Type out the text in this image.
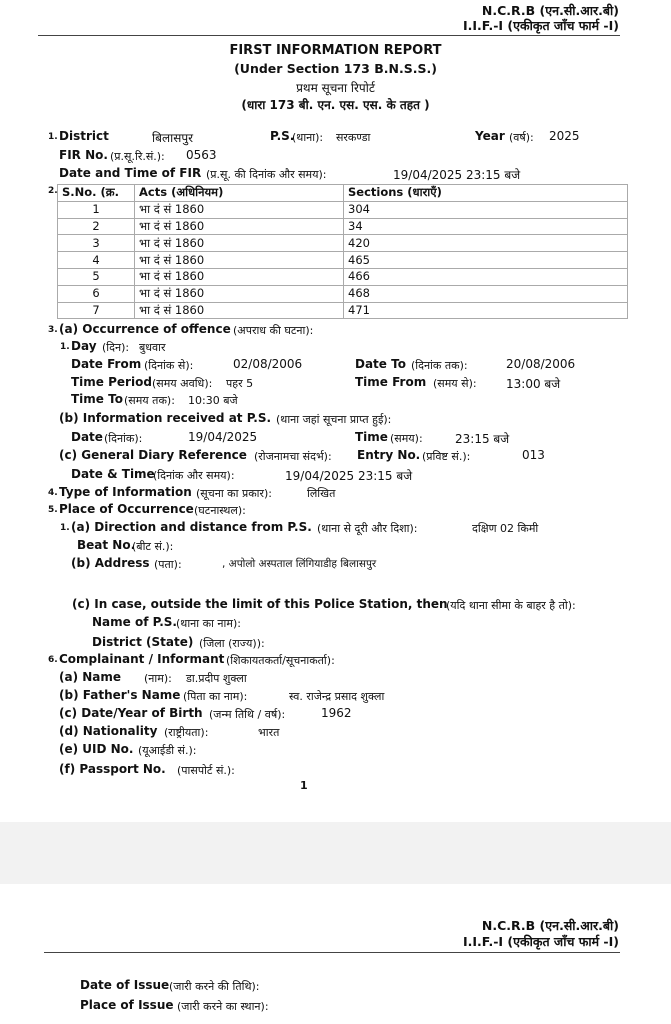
N.C.R.B (एन.सी.आर.बी)
I.I.F.-I (एकीकृत जाँच फार्म -I)
FIRST INFORMATION REPORT
(Under Section 173 B.N.S.S.)
प्रथम सूचना रिपोर्ट
(धारा 173 बी. एन. एस. एस. के तहत )
1. District	बिलासपुर	P.S.
(थाना): सरकण्डा	Year (वर्ष): 2025
FIR No. (प्र.सू.रि.सं.): 0563
Date and Time of FIR (प्र.सू. की दिनांक और समय):	19/04/2025 23:15 बजे
2. S.No. (क्र.	Acts (अधिनियम)	Sections (धाराएँ)
1	भा दं सं 1860	304
2	भा दं सं 1860	34
3	भा दं सं 1860	420
4	भा दं सं 1860	465
5	भा दं सं 1860	466
6	भा दं सं 1860	468
7	भा दं सं 1860	471
3. (a) Occurrence of offence (अपराध की घटना):
1. Day (दिन): बुधवार
Date From (दिनांक से):	02/08/2006	Date To (दिनांक तक):	20/08/2006
Time Period (समय अवधि): पहर 5	Time From (समय से): 13:00 बजे
Time To (समय तक): 10:30 बजे
(b) Information received at P.S. (थाना जहां सूचना प्राप्त हुई):
Date (दिनांक):	19/04/2025	Time (समय):	23:15 बजे
(c) General Diary Reference (रोजनामचा संदर्भ): Entry No. (प्रविष्ट सं.):	013
Date & Time
(दिनांक और समय):	19/04/2025 23:15 बजे
4. Type of Information (सूचना का प्रकार):	लिखित
5. Place of Occurrence (घटनास्थल):
1. (a) Direction and distance from P.S. (थाना से दूरी और दिशा):	दक्षिण 02 किमी
Beat No.
(बीट सं.):
(b) Address (पता):	, अपोलो अस्पताल लिंगियाडीह बिलासपुर
(c) In case, outside the limit of this Police Station, then
(यदि थाना सीमा के बाहर है तो):
Name of P.S. (थाना का नाम):
District (State) (जिला (राज्य)):
6. Complainant / Informant (शिकायतकर्ता/सूचनाकर्ता):
(a) Name (नाम): डा.प्रदीप शुक्ला
(b) Father's Name (पिता का नाम):	स्व. राजेन्द्र प्रसाद शुक्ला
(c) Date/Year of Birth (जन्म तिथि / वर्ष):	1962
(d) Nationality (राष्ट्रीयता):	भारत
(e) UID No. (यूआईडी सं.):
(f) Passport No. (पासपोर्ट सं.):
1
N.C.R.B (एन.सी.आर.बी)
I.I.F.-I (एकीकृत जाँच फार्म -I)
Date of Issue (जारी करने की तिथि):
Place of Issue (जारी करने का स्थान):
